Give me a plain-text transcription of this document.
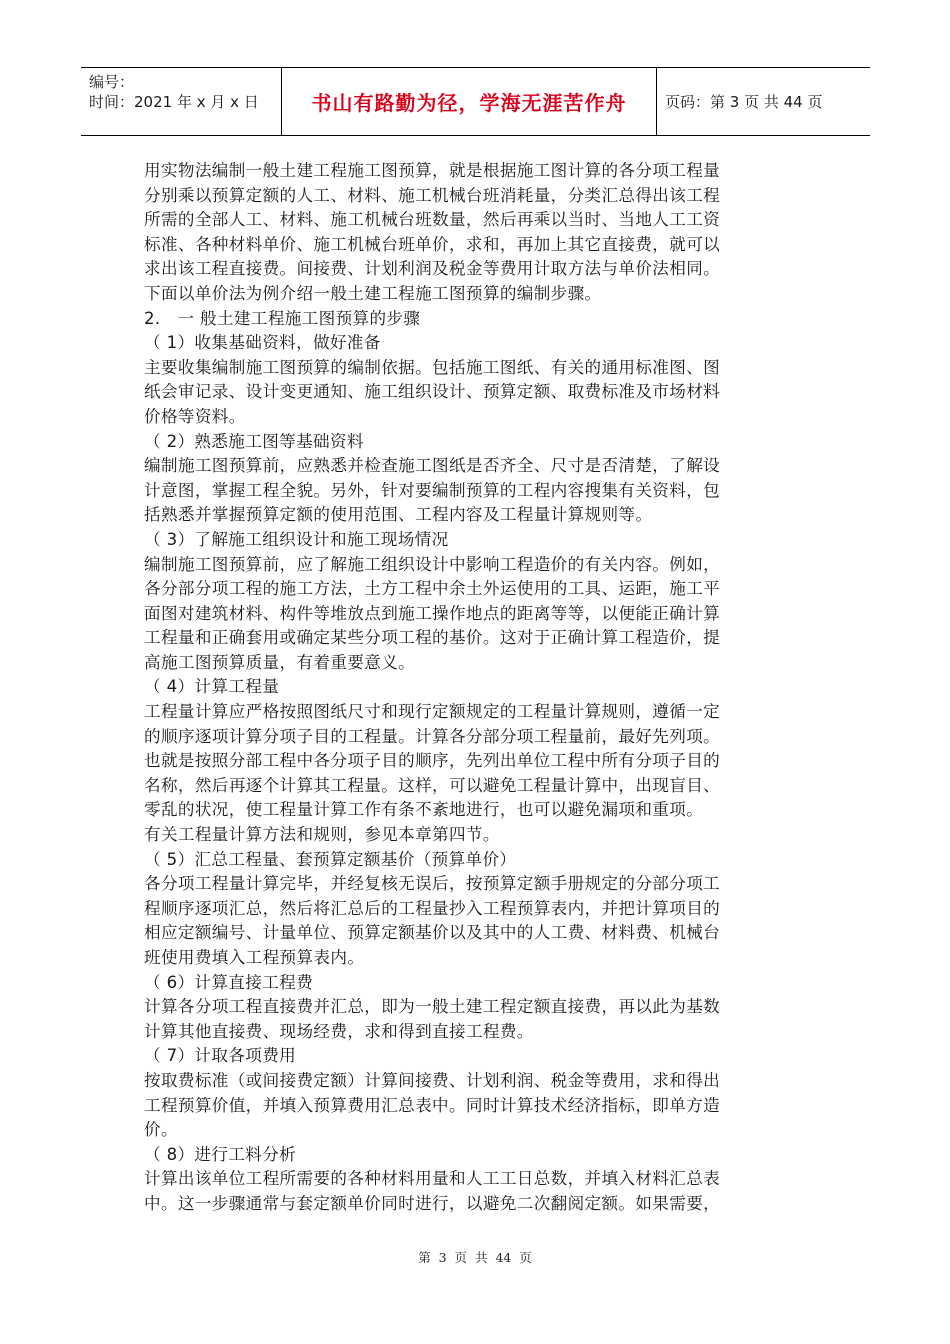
编号：
时间：2021 年 x 月 x 日	书山有路勤为径，学海无涯苦作舟	页码：第 3 页 共 44 页
用实物法编制一般土建工程施工图预算，就是根据施工图计算的各分项工程量
分别乘以预算定额的人工、材料、施工机械台班消耗量，分类汇总得出该工程
所需的全部人工、材料、施工机械台班数量，然后再乘以当时、当地人工工资
标准、各种材料单价、施工机械台班单价，求和，再加上其它直接费，就可以
求出该工程直接费。间接费、计划利润及税金等费用计取方法与单价法相同。
下面以单价法为例介绍一般土建工程施工图预算的编制步骤。
2.　一 般土建工程施工图预算的步骤
（ 1）收集基础资料，做好准备
主要收集编制施工图预算的编制依据。包括施工图纸、有关的通用标准图、图
纸会审记录、设计变更通知、施工组织设计、预算定额、取费标准及市场材料
价格等资料。
（ 2）熟悉施工图等基础资料
编制施工图预算前，应熟悉并检查施工图纸是否齐全、尺寸是否清楚，了解设
计意图，掌握工程全貌。另外，针对要编制预算的工程内容搜集有关资料，包
括熟悉并掌握预算定额的使用范围、工程内容及工程量计算规则等。
（ 3）了解施工组织设计和施工现场情况
编制施工图预算前，应了解施工组织设计中影响工程造价的有关内容。例如，
各分部分项工程的施工方法，土方工程中余土外运使用的工具、运距，施工平
面图对建筑材料、构件等堆放点到施工操作地点的距离等等，以便能正确计算
工程量和正确套用或确定某些分项工程的基价。这对于正确计算工程造价，提
高施工图预算质量，有着重要意义。
（ 4）计算工程量
工程量计算应严格按照图纸尺寸和现行定额规定的工程量计算规则，遵循一定
的顺序逐项计算分项子目的工程量。计算各分部分项工程量前，最好先列项。
也就是按照分部工程中各分项子目的顺序，先列出单位工程中所有分项子目的
名称，然后再逐个计算其工程量。这样，可以避免工程量计算中，出现盲目、
零乱的状况，使工程量计算工作有条不紊地进行，也可以避免漏项和重项。
有关工程量计算方法和规则，参见本章第四节。
（ 5）汇总工程量、套预算定额基价（预算单价）
各分项工程量计算完毕，并经复核无误后，按预算定额手册规定的分部分项工
程顺序逐项汇总，然后将汇总后的工程量抄入工程预算表内，并把计算项目的
相应定额编号、计量单位、预算定额基价以及其中的人工费、材料费、机械台
班使用费填入工程预算表内。
（ 6）计算直接工程费
计算各分项工程直接费并汇总，即为一般土建工程定额直接费，再以此为基数
计算其他直接费、现场经费，求和得到直接工程费。
（ 7）计取各项费用
按取费标准（或间接费定额）计算间接费、计划利润、税金等费用，求和得出
工程预算价值，并填入预算费用汇总表中。同时计算技术经济指标，即单方造
价。
（ 8）进行工料分析
计算出该单位工程所需要的各种材料用量和人工工日总数，并填入材料汇总表
中。这一步骤通常与套定额单价同时进行，以避免二次翻阅定额。如果需要，
第  3  页  共  44  页
